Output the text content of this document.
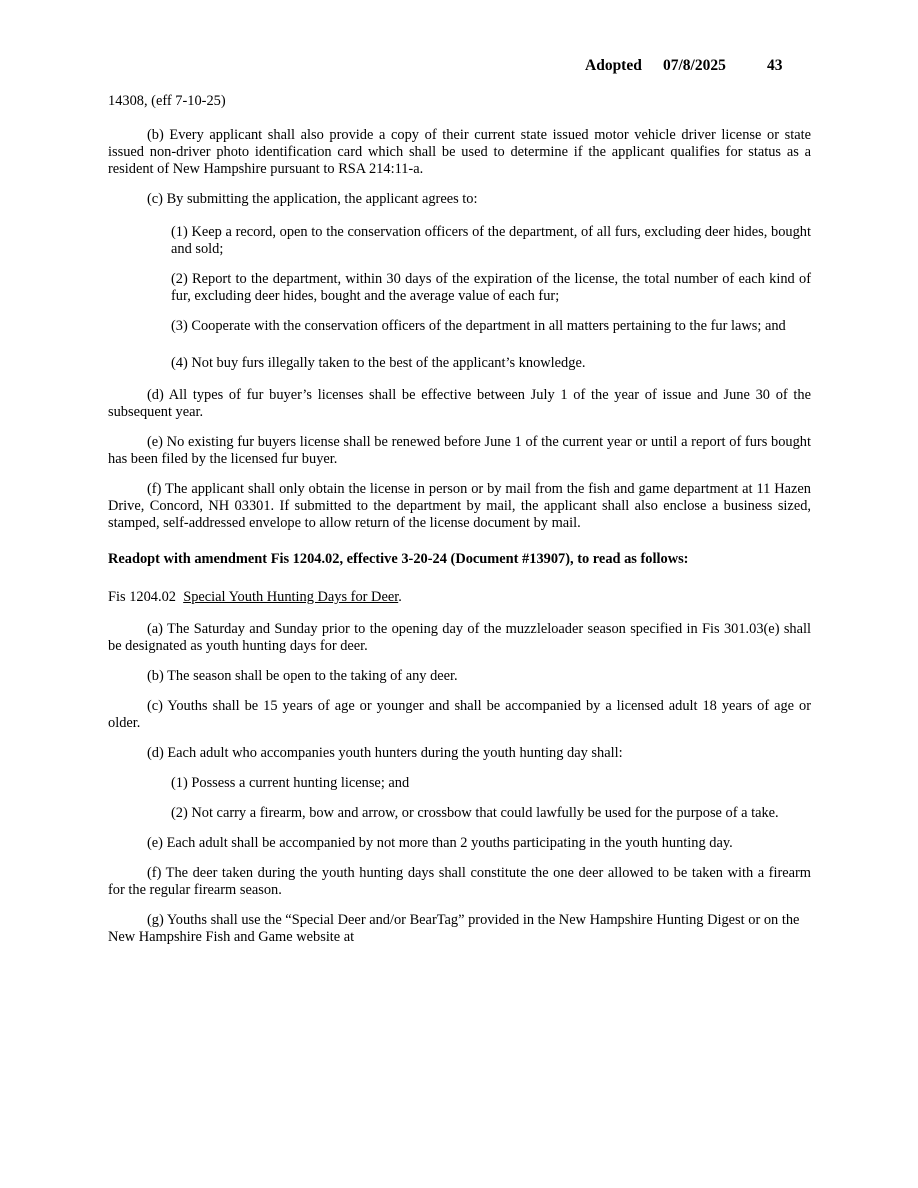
Adopted 07/8/2025	43

14308, (eff 7-10-25)

(b) Every applicant shall also provide a copy of their current state issued motor vehicle driver license or state issued non-driver photo identification card which shall be used to determine if the applicant qualifies for status as a resident of New Hampshire pursuant to RSA 214:11-a.

(c) By submitting the application, the applicant agrees to:

(1) Keep a record, open to the conservation officers of the department, of all furs, excluding deer hides, bought and sold;

(2) Report to the department, within 30 days of the expiration of the license, the total number of each kind of fur, excluding deer hides, bought and the average value of each fur;

(3) Cooperate with the conservation officers of the department in all matters pertaining to the fur laws; and

(4) Not buy furs illegally taken to the best of the applicant’s knowledge.

(d) All types of fur buyer’s licenses shall be effective between July 1 of the year of issue and June 30 of the subsequent year.

(e) No existing fur buyers license shall be renewed before June 1 of the current year or until a report of furs bought has been filed by the licensed fur buyer.

(f) The applicant shall only obtain the license in person or by mail from the fish and game department at 11 Hazen Drive, Concord, NH 03301. If submitted to the department by mail, the applicant shall also enclose a business sized, stamped, self-addressed envelope to allow return of the license document by mail.

Readopt with amendment Fis 1204.02, effective 3-20-24 (Document #13907), to read as follows:

Fis 1204.02 Special Youth Hunting Days for Deer.

(a) The Saturday and Sunday prior to the opening day of the muzzleloader season specified in Fis 301.03(e) shall be designated as youth hunting days for deer.

(b) The season shall be open to the taking of any deer.

(c) Youths shall be 15 years of age or younger and shall be accompanied by a licensed adult 18 years of age or older.

(d) Each adult who accompanies youth hunters during the youth hunting day shall:

(1) Possess a current hunting license; and

(2) Not carry a firearm, bow and arrow, or crossbow that could lawfully be used for the purpose of a take.

(e) Each adult shall be accompanied by not more than 2 youths participating in the youth hunting day.

(f) The deer taken during the youth hunting days shall constitute the one deer allowed to be taken with a firearm for the regular firearm season.

(g) Youths shall use the “Special Deer and/or BearTag” provided in the New Hampshire Hunting Digest or on the New Hampshire Fish and Game website at
